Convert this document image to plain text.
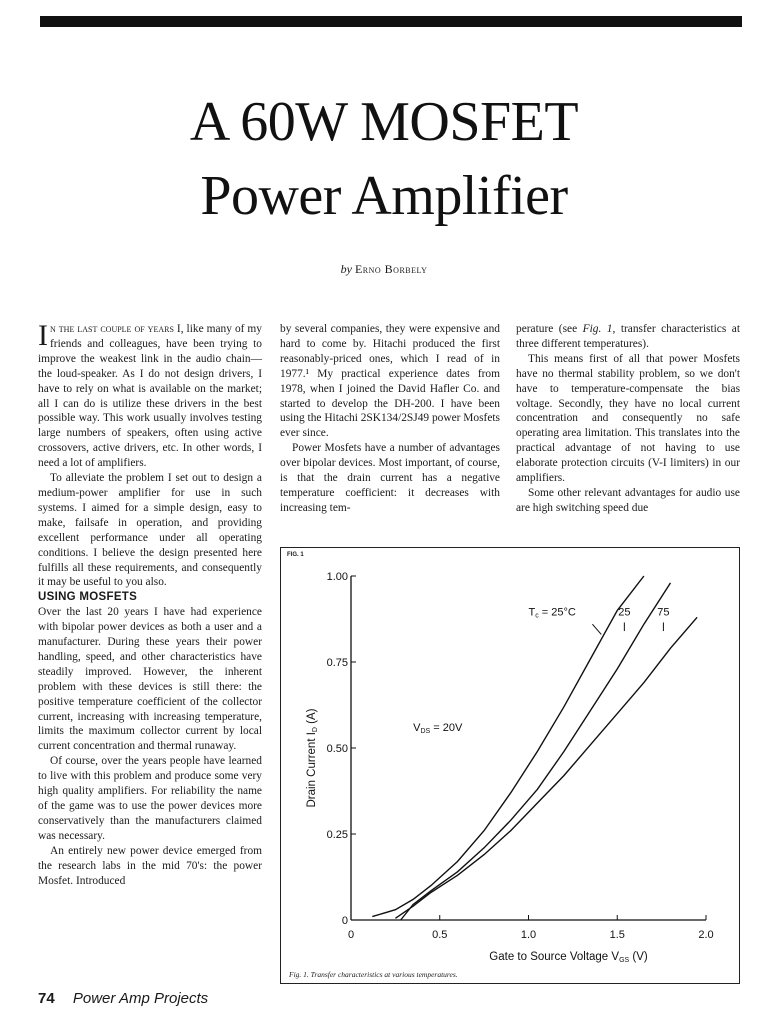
A 60W MOSFET
Power Amplifier
by Erno Borbely

In the last couple of years I, like many of my friends and colleagues, have been trying to improve the weakest link in the audio chain—the loud-speaker. As I do not design drivers, I have to rely on what is available on the market; all I can do is utilize these drivers in the best possible way. This work usually involves testing large numbers of speakers, often using active crossovers, active drivers, etc. In other words, I need a lot of amplifiers.

To alleviate the problem I set out to design a medium-power amplifier for use in such systems. I aimed for a simple design, easy to make, failsafe in operation, and providing excellent performance under all operating conditions. I believe the design presented here fulfills all these requirements, and consequently it may be useful to you also.

USING MOSFETS

Over the last 20 years I have had experience with bipolar power devices as both a user and a manufacturer. During these years their power handling, speed, and other characteristics have steadily improved. However, the inherent problem with these devices is still there: the positive temperature coefficient of the collector current, increasing with increasing temperature, limits the maximum collector current by local current concentration and thermal runaway.

Of course, over the years people have learned to live with this problem and produce some very high quality amplifiers. For reliability the name of the game was to use the power devices more conservatively than the manufacturers claimed was necessary.

An entirely new power device emerged from the research labs in the mid 70's: the power Mosfet. Introduced

by several companies, they were expensive and hard to come by. Hitachi produced the first reasonably-priced ones, which I read of in 1977.¹ My practical experience dates from 1978, when I joined the David Hafler Co. and started to develop the DH-200. I have been using the Hitachi 2SK134/2SJ49 power Mosfets ever since.

Power Mosfets have a number of advantages over bipolar devices. Most important, of course, is that the drain current has a negative temperature coefficient: it decreases with increasing tem-

perature (see Fig. 1, transfer characteristics at three different temperatures).

This means first of all that power Mosfets have no thermal stability problem, so we don't have to temperature-compensate the bias voltage. Secondly, they have no local current concentration and consequently no safe operating area limitation. This translates into the practical advantage of not having to use elaborate protection circuits (V-I limiters) in our amplifiers.

Some other relevant advantages for audio use are high switching speed due

0	0.5	1.0	1.5	2.0
0
0.25
0.50
0.75
1.00
Gate to Source Voltage VGS (V)
Drain Current ID (A)
VDS = 20V
Tc = 25°C	25 75
FIG. 1
Fig. 1. Transfer characteristics at various temperatures.
74 Power Amp Projects
